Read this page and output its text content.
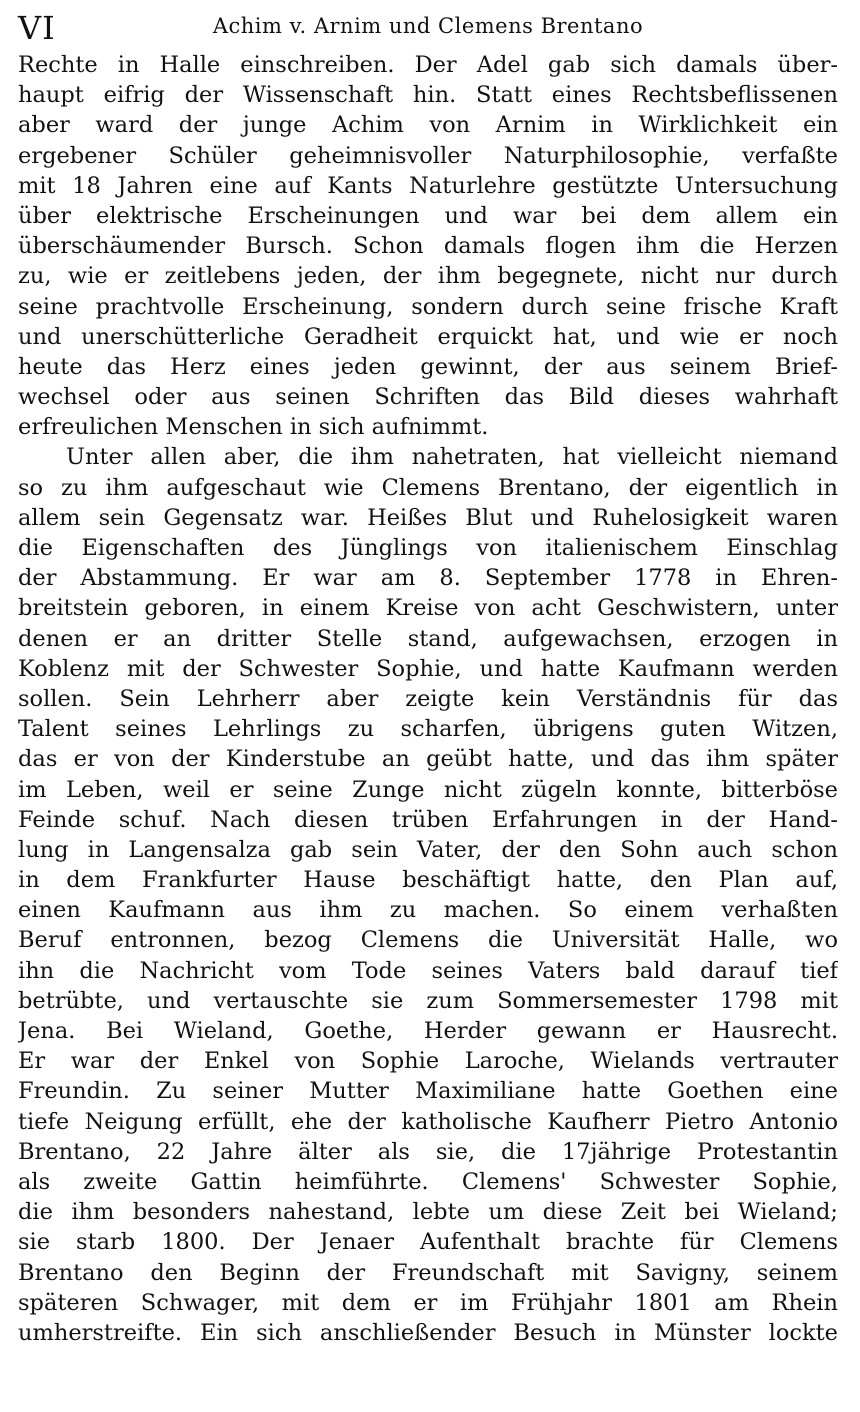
VI	Achim v. Arnim und Clemens Brentano
Rechte in Halle einschreiben. Der Adel gab sich damals über-
haupt eifrig der Wissenschaft hin. Statt eines Rechtsbeflissenen
aber ward der junge Achim von Arnim in Wirklichkeit ein
ergebener Schüler geheimnisvoller Naturphilosophie, verfaßte
mit 18 Jahren eine auf Kants Naturlehre gestützte Untersuchung
über elektrische Erscheinungen und war bei dem allem ein
überschäumender Bursch. Schon damals flogen ihm die Herzen
zu, wie er zeitlebens jeden, der ihm begegnete, nicht nur durch
seine prachtvolle Erscheinung, sondern durch seine frische Kraft
und unerschütterliche Geradheit erquickt hat, und wie er noch
heute das Herz eines jeden gewinnt, der aus seinem Brief-
wechsel oder aus seinen Schriften das Bild dieses wahrhaft
erfreulichen Menschen in sich aufnimmt.
Unter allen aber, die ihm nahetraten, hat vielleicht niemand
so zu ihm aufgeschaut wie Clemens Brentano, der eigentlich in
allem sein Gegensatz war. Heißes Blut und Ruhelosigkeit waren
die Eigenschaften des Jünglings von italienischem Einschlag
der Abstammung. Er war am 8. September 1778 in Ehren-
breitstein geboren, in einem Kreise von acht Geschwistern, unter
denen er an dritter Stelle stand, aufgewachsen, erzogen in
Koblenz mit der Schwester Sophie, und hatte Kaufmann werden
sollen. Sein Lehrherr aber zeigte kein Verständnis für das
Talent seines Lehrlings zu scharfen, übrigens guten Witzen,
das er von der Kinderstube an geübt hatte, und das ihm später
im Leben, weil er seine Zunge nicht zügeln konnte, bitterböse
Feinde schuf. Nach diesen trüben Erfahrungen in der Hand-
lung in Langensalza gab sein Vater, der den Sohn auch schon
in dem Frankfurter Hause beschäftigt hatte, den Plan auf,
einen Kaufmann aus ihm zu machen. So einem verhaßten
Beruf entronnen, bezog Clemens die Universität Halle, wo
ihn die Nachricht vom Tode seines Vaters bald darauf tief
betrübte, und vertauschte sie zum Sommersemester 1798 mit
Jena. Bei Wieland, Goethe, Herder gewann er Hausrecht.
Er war der Enkel von Sophie Laroche, Wielands vertrauter
Freundin. Zu seiner Mutter Maximiliane hatte Goethen eine
tiefe Neigung erfüllt, ehe der katholische Kaufherr Pietro Antonio
Brentano, 22 Jahre älter als sie, die 17jährige Protestantin
als zweite Gattin heimführte. Clemens' Schwester Sophie,
die ihm besonders nahestand, lebte um diese Zeit bei Wieland;
sie starb 1800. Der Jenaer Aufenthalt brachte für Clemens
Brentano den Beginn der Freundschaft mit Savigny, seinem
späteren Schwager, mit dem er im Frühjahr 1801 am Rhein
umherstreifte. Ein sich anschließender Besuch in Münster lockte
